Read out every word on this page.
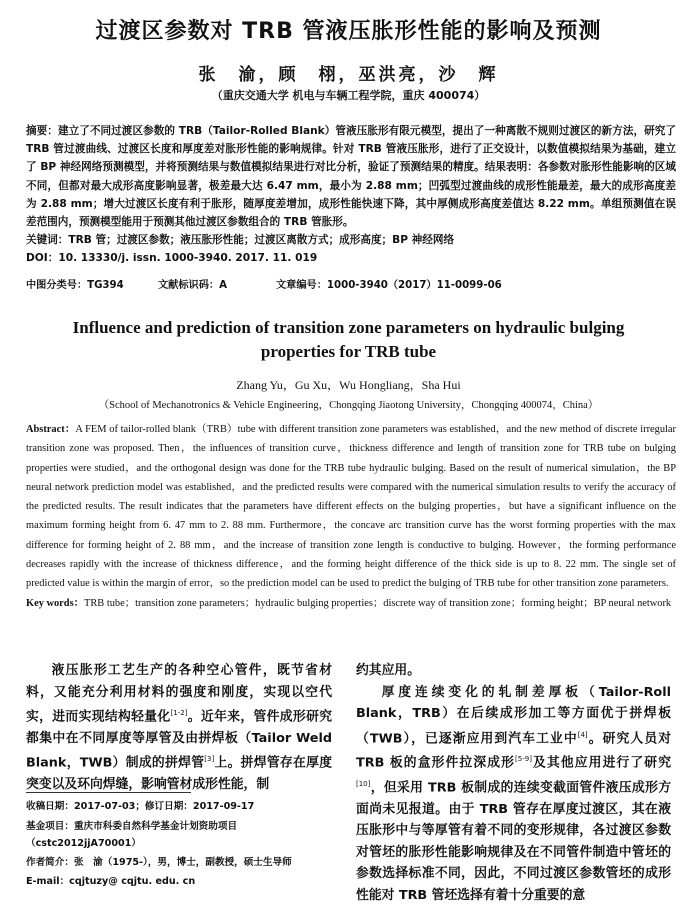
过渡区参数对 TRB 管液压胀形性能的影响及预测
张　渝，顾　栩，巫洪亮，沙　辉
（重庆交通大学 机电与车辆工程学院，重庆 400074）

摘要：建立了不同过渡区参数的 TRB（Tailor-Rolled Blank）管液压胀形有限元模型，提出了一种离散不规则过渡区的新方法，研究了 TRB 管过渡曲线、过渡区长度和厚度差对胀形性能的影响规律。针对 TRB 管液压胀形，进行了正交设计，以数值模拟结果为基础，建立了 BP 神经网络预测模型，并将预测结果与数值模拟结果进行对比分析，验证了预测结果的精度。结果表明：各参数对胀形性能影响的区域不同，但都对最大成形高度影响显著，极差最大达 6.47 mm，最小为 2.88 mm；凹弧型过渡曲线的成形性能最差，最大的成形高度差为 2.88 mm；增大过渡区长度有利于胀形，随厚度差增加，成形性能快速下降，其中厚侧成形高度差值达 8.22 mm。单组预测值在误差范围内，预测模型能用于预测其他过渡区参数组合的 TRB 管胀形。

关键词：TRB 管；过渡区参数；液压胀形性能；过渡区离散方式；成形高度；BP 神经网络

DOI：10. 13330/j. issn. 1000-3940. 2017. 11. 019

中图分类号：TG394	文献标识码：A	文章编号：1000-3940（2017）11-0099-06
Influence and prediction of transition zone parameters on hydraulic bulging properties for TRB tube
Zhang Yu，Gu Xu，Wu Hongliang，Sha Hui
（School of Mechanotronics & Vehicle Engineering，Chongqing Jiaotong University，Chongqing 400074，China）

Abstract：A FEM of tailor-rolled blank（TRB）tube with different transition zone parameters was established，and the new method of discrete irregular transition zone was proposed. Then，the influences of transition curve，thickness difference and length of transition zone for TRB tube on bulging properties were studied，and the orthogonal design was done for the TRB tube hydraulic bulging. Based on the result of numerical simulation，the BP neural network prediction model was established，and the predicted results were compared with the numerical simulation results to verify the accuracy of the predicted results. The result indicates that the parameters have different effects on the bulging properties，but have a significant influence on the maximum forming height from 6. 47 mm to 2. 88 mm. Furthermore，the concave arc transition curve has the worst forming properties with the max difference for forming height of 2. 88 mm，and the increase of transition zone length is conductive to bulging. However，the forming performance decreases rapidly with the increase of thickness difference，and the forming height difference of the thick side is up to 8. 22 mm. The single set of predicted value is within the margin of error，so the prediction model can be used to predict the bulging of TRB tube for other transition zone parameters.

Key words：TRB tube；transition zone parameters；hydraulic bulging properties；discrete way of transition zone；forming height；BP neural network

液压胀形工艺生产的各种空心管件，既节省材料，又能充分利用材料的强度和刚度，实现以空代实，进而实现结构轻量化[1-2]。近年来，管件成形研究都集中在不同厚度等厚管及由拼焊板（Tailor Weld Blank，TWB）制成的拼焊管[3]上。拼焊管存在厚度突变以及环向焊缝，影响管材成形性能，制
约其应用。
厚度连续变化的轧制差厚板（Tailor-Roll Blank，TRB）在后续成形加工等方面优于拼焊板（TWB），已逐渐应用到汽车工业中[4]。研究人员对 TRB 板的盒形件拉深成形[5-9]及其他应用进行了研究[10]，但采用 TRB 板制成的连续变截面管件液压成形方面尚未见报道。由于 TRB 管存在厚度过渡区，其在液压胀形中与等厚管有着不同的变形规律，各过渡区参数对管坯的胀形性能影响规律及在不同管件制造中管坯的参数选择标准不同，因此，不同过渡区参数管坯的成形性能对 TRB 管坯选择有着十分重要的意
收稿日期：2017-07-03；修订日期：2017-09-17
基金项目：重庆市科委自然科学基金计划资助项目（cstc2012jjA70001）
作者简介：张　渝（1975-），男，博士，副教授，硕士生导师
E-mail：cqjtuzy@ cqjtu. edu. cn
